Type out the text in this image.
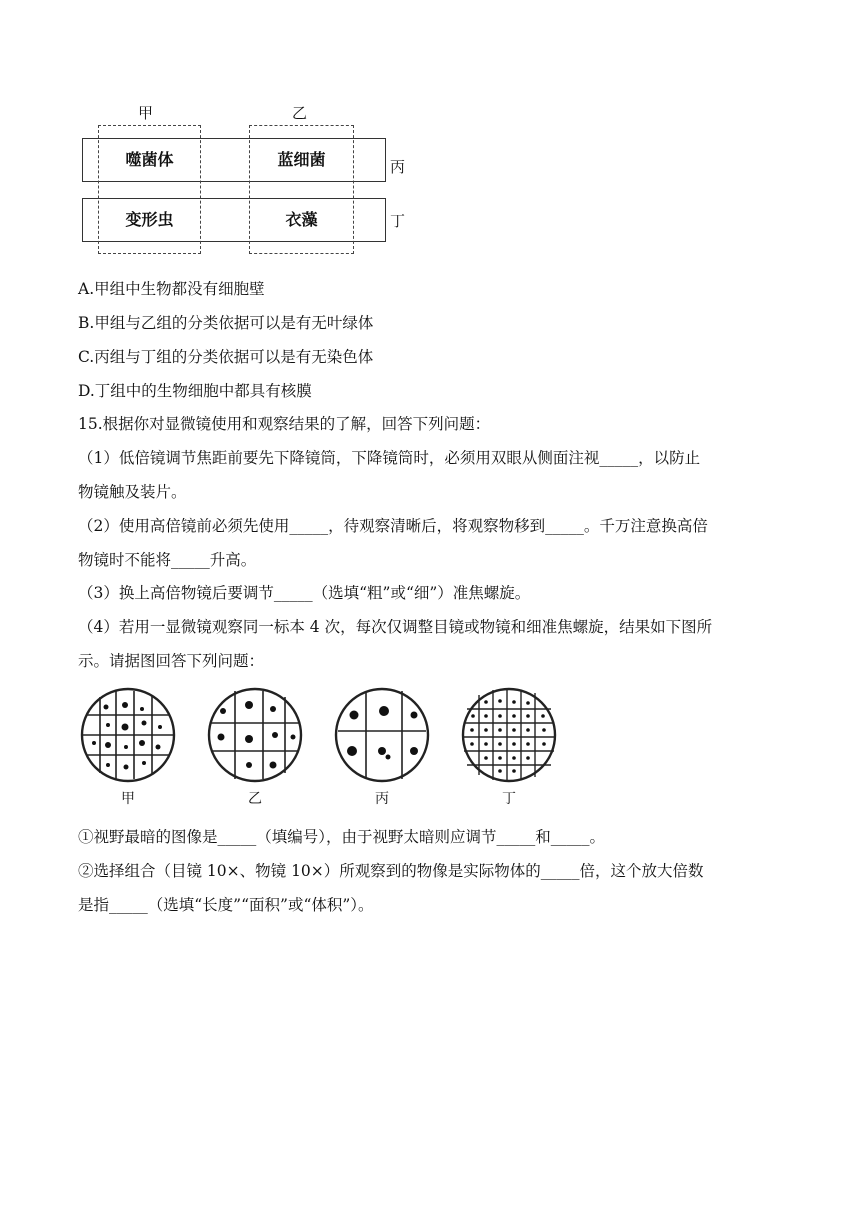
甲	乙
噬菌体	蓝细菌
变形虫	衣藻
丙
丁
A.甲组中生物都没有细胞壁
B.甲组与乙组的分类依据可以是有无叶绿体
C.丙组与丁组的分类依据可以是有无染色体
D.丁组中的生物细胞中都具有核膜
15.根据你对显微镜使用和观察结果的了解，回答下列问题：
（1）低倍镜调节焦距前要先下降镜筒，下降镜筒时，必须用双眼从侧面注视_____，以防止
物镜触及装片。
（2）使用高倍镜前必须先使用_____，待观察清晰后，将观察物移到_____。千万注意换高倍
物镜时不能将_____升高。
（3）换上高倍物镜后要调节_____（选填“粗”或“细”）准焦螺旋。
（4）若用一显微镜观察同一标本 4 次，每次仅调整目镜或物镜和细准焦螺旋，结果如下图所
示。请据图回答下列问题：
甲	乙	丙	丁
①视野最暗的图像是_____（填编号），由于视野太暗则应调节_____和_____。
②选择组合（目镜 10×、物镜 10×）所观察到的物像是实际物体的_____倍，这个放大倍数
是指_____（选填“长度”“面积”或“体积”）。
